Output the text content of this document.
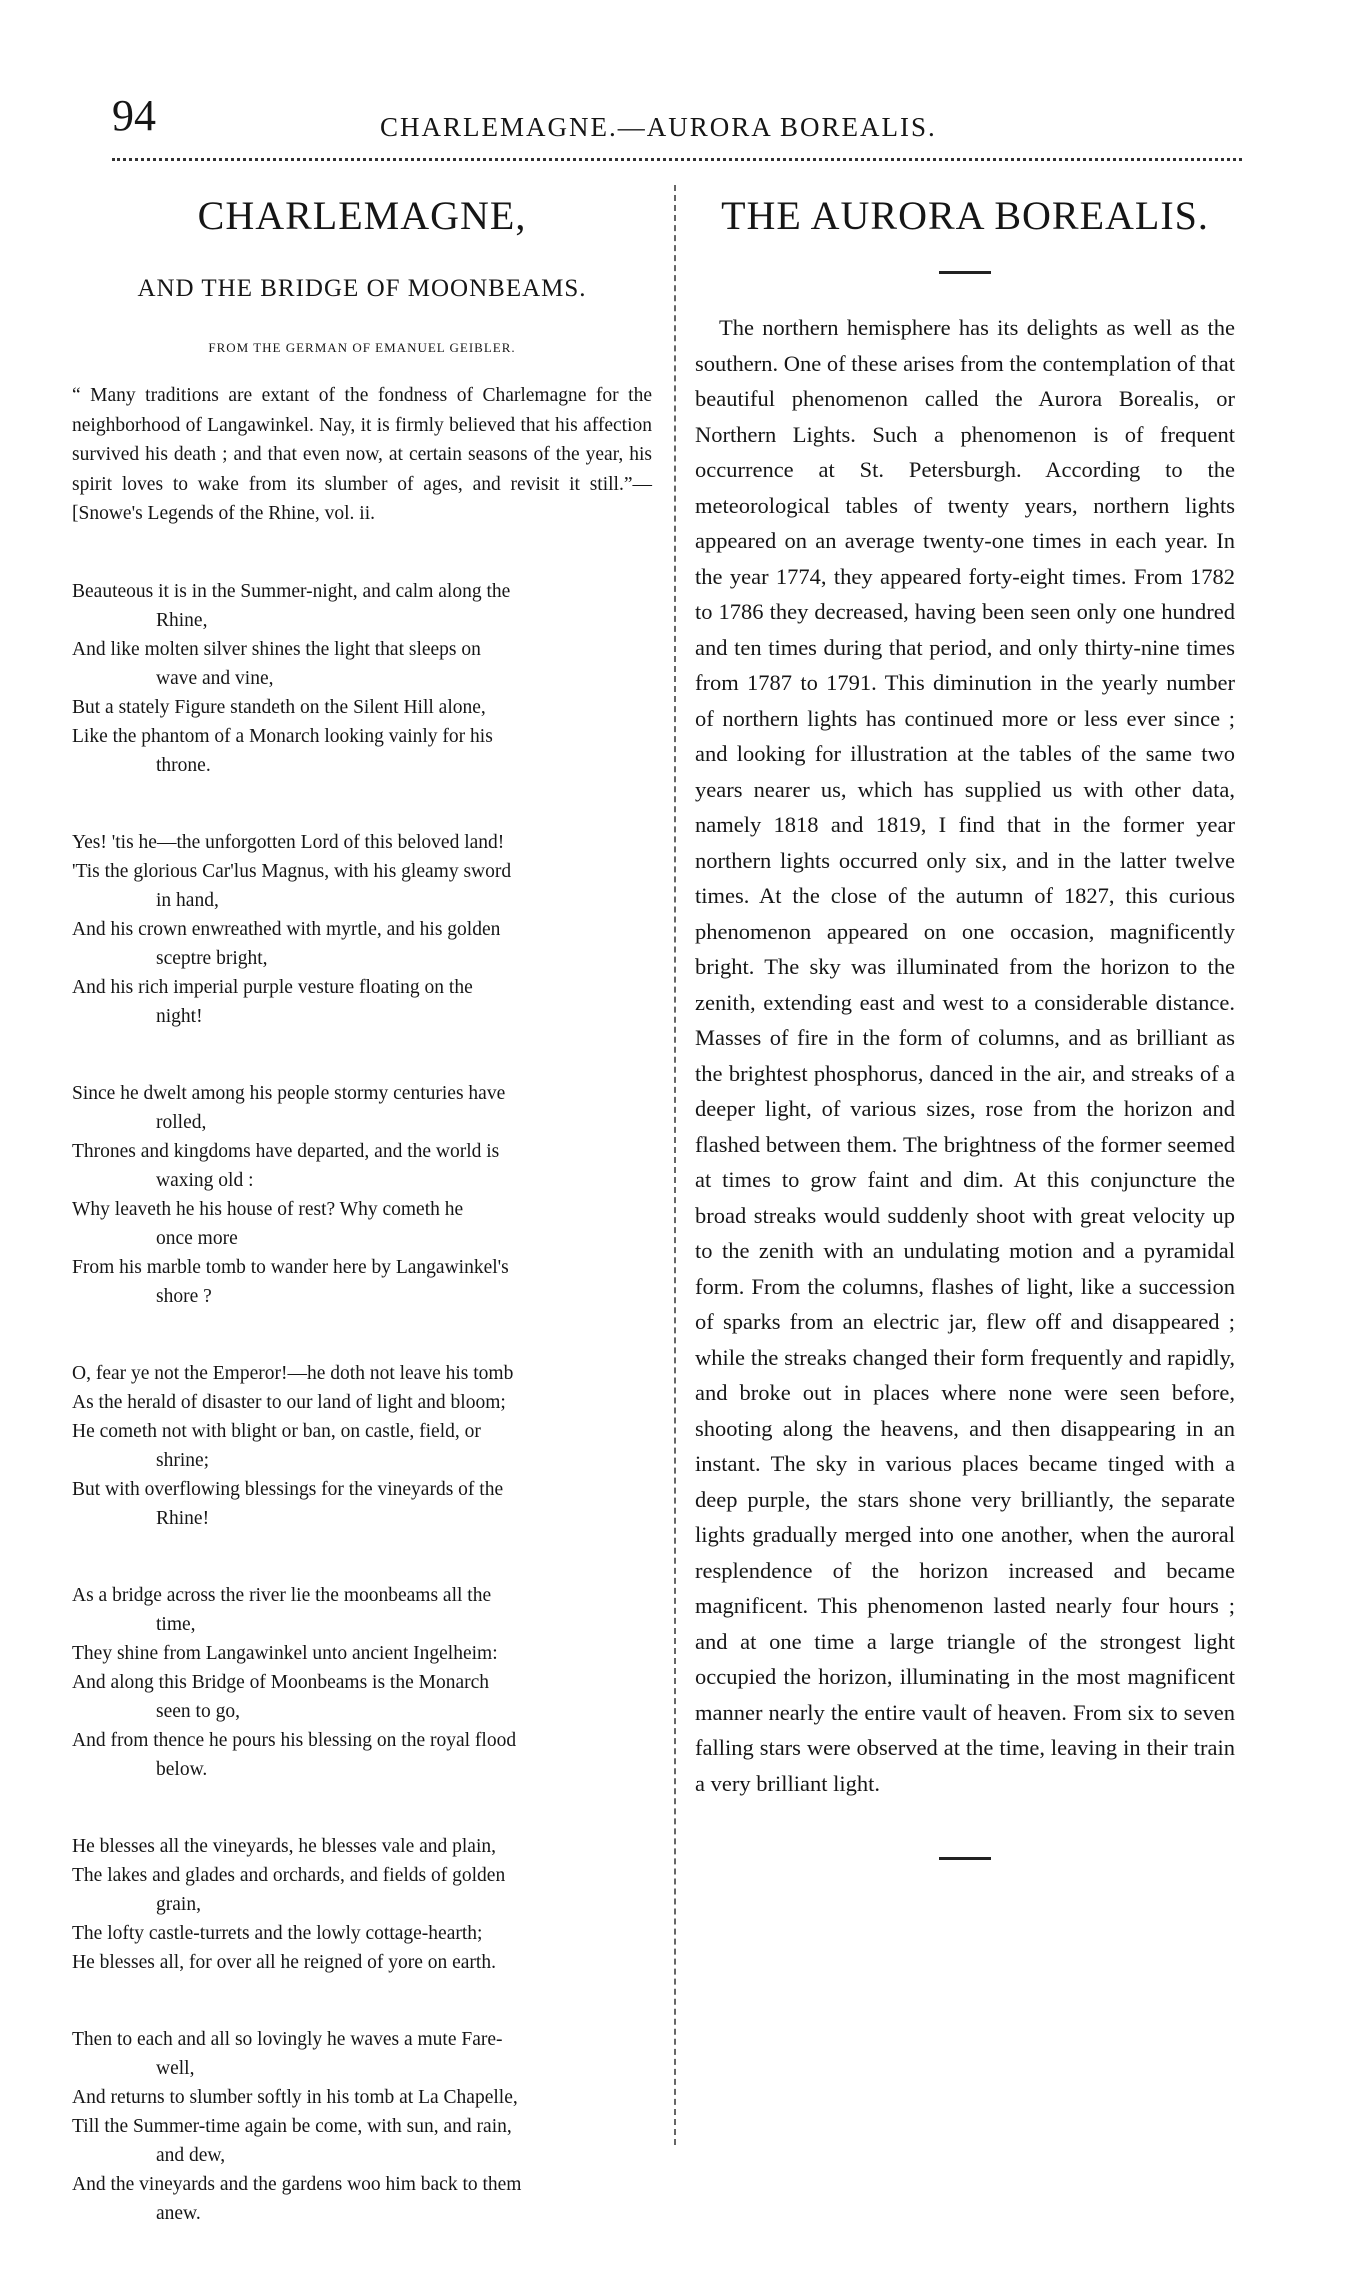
94	CHARLEMAGNE.—AURORA BOREALIS.
CHARLEMAGNE,
AND THE BRIDGE OF MOONBEAMS.
FROM THE GERMAN OF EMANUEL GEIBLER.
“ Many traditions are extant of the fondness of Charlemagne for the neighborhood of Langawinkel. Nay, it is firmly believed that his affection survived his death ; and that even now, at certain seasons of the year, his spirit loves to wake from its slumber of ages, and revisit it still.”—[Snowe's Legends of the Rhine, vol. ii.
Beauteous it is in the Summer-night, and calm along the
Rhine,
And like molten silver shines the light that sleeps on
wave and vine,
But a stately Figure standeth on the Silent Hill alone,
Like the phantom of a Monarch looking vainly for his
throne.
Yes! 'tis he—the unforgotten Lord of this beloved land!
'Tis the glorious Car'lus Magnus, with his gleamy sword
in hand,
And his crown enwreathed with myrtle, and his golden
sceptre bright,
And his rich imperial purple vesture floating on the
night!
Since he dwelt among his people stormy centuries have
rolled,
Thrones and kingdoms have departed, and the world is
waxing old :
Why leaveth he his house of rest? Why cometh he
once more
From his marble tomb to wander here by Langawinkel's
shore ?
O, fear ye not the Emperor!—he doth not leave his tomb
As the herald of disaster to our land of light and bloom;
He cometh not with blight or ban, on castle, field, or
shrine;
But with overflowing blessings for the vineyards of the
Rhine!
As a bridge across the river lie the moonbeams all the
time,
They shine from Langawinkel unto ancient Ingelheim:
And along this Bridge of Moonbeams is the Monarch
seen to go,
And from thence he pours his blessing on the royal flood
below.
He blesses all the vineyards, he blesses vale and plain,
The lakes and glades and orchards, and fields of golden
grain,
The lofty castle-turrets and the lowly cottage-hearth;
He blesses all, for over all he reigned of yore on earth.
Then to each and all so lovingly he waves a mute Fare-
well,
And returns to slumber softly in his tomb at La Chapelle,
Till the Summer-time again be come, with sun, and rain,
and dew,
And the vineyards and the gardens woo him back to them
anew.
THE AURORA BOREALIS.
The northern hemisphere has its delights as well as the southern. One of these arises from the contemplation of that beautiful phenomenon called the Aurora Borealis, or Northern Lights. Such a phenomenon is of frequent occurrence at St. Petersburgh. According to the meteorological tables of twenty years, northern lights appeared on an average twenty-one times in each year. In the year 1774, they appeared forty-eight times. From 1782 to 1786 they decreased, having been seen only one hundred and ten times during that period, and only thirty-nine times from 1787 to 1791. This diminution in the yearly number of northern lights has continued more or less ever since ; and looking for illustration at the tables of the same two years nearer us, which has supplied us with other data, namely 1818 and 1819, I find that in the former year northern lights occurred only six, and in the latter twelve times. At the close of the autumn of 1827, this curious phenomenon appeared on one occasion, magnificently bright. The sky was illuminated from the horizon to the zenith, extending east and west to a considerable distance. Masses of fire in the form of columns, and as brilliant as the brightest phosphorus, danced in the air, and streaks of a deeper light, of various sizes, rose from the horizon and flashed between them. The brightness of the former seemed at times to grow faint and dim. At this conjuncture the broad streaks would suddenly shoot with great velocity up to the zenith with an undulating motion and a pyramidal form. From the columns, flashes of light, like a succession of sparks from an electric jar, flew off and disappeared ; while the streaks changed their form frequently and rapidly, and broke out in places where none were seen before, shooting along the heavens, and then disappearing in an instant. The sky in various places became tinged with a deep purple, the stars shone very brilliantly, the separate lights gradually merged into one another, when the auroral resplendence of the horizon increased and became magnificent. This phenomenon lasted nearly four hours ; and at one time a large triangle of the strongest light occupied the horizon, illuminating in the most magnificent manner nearly the entire vault of heaven. From six to seven falling stars were observed at the time, leaving in their train a very brilliant light.
